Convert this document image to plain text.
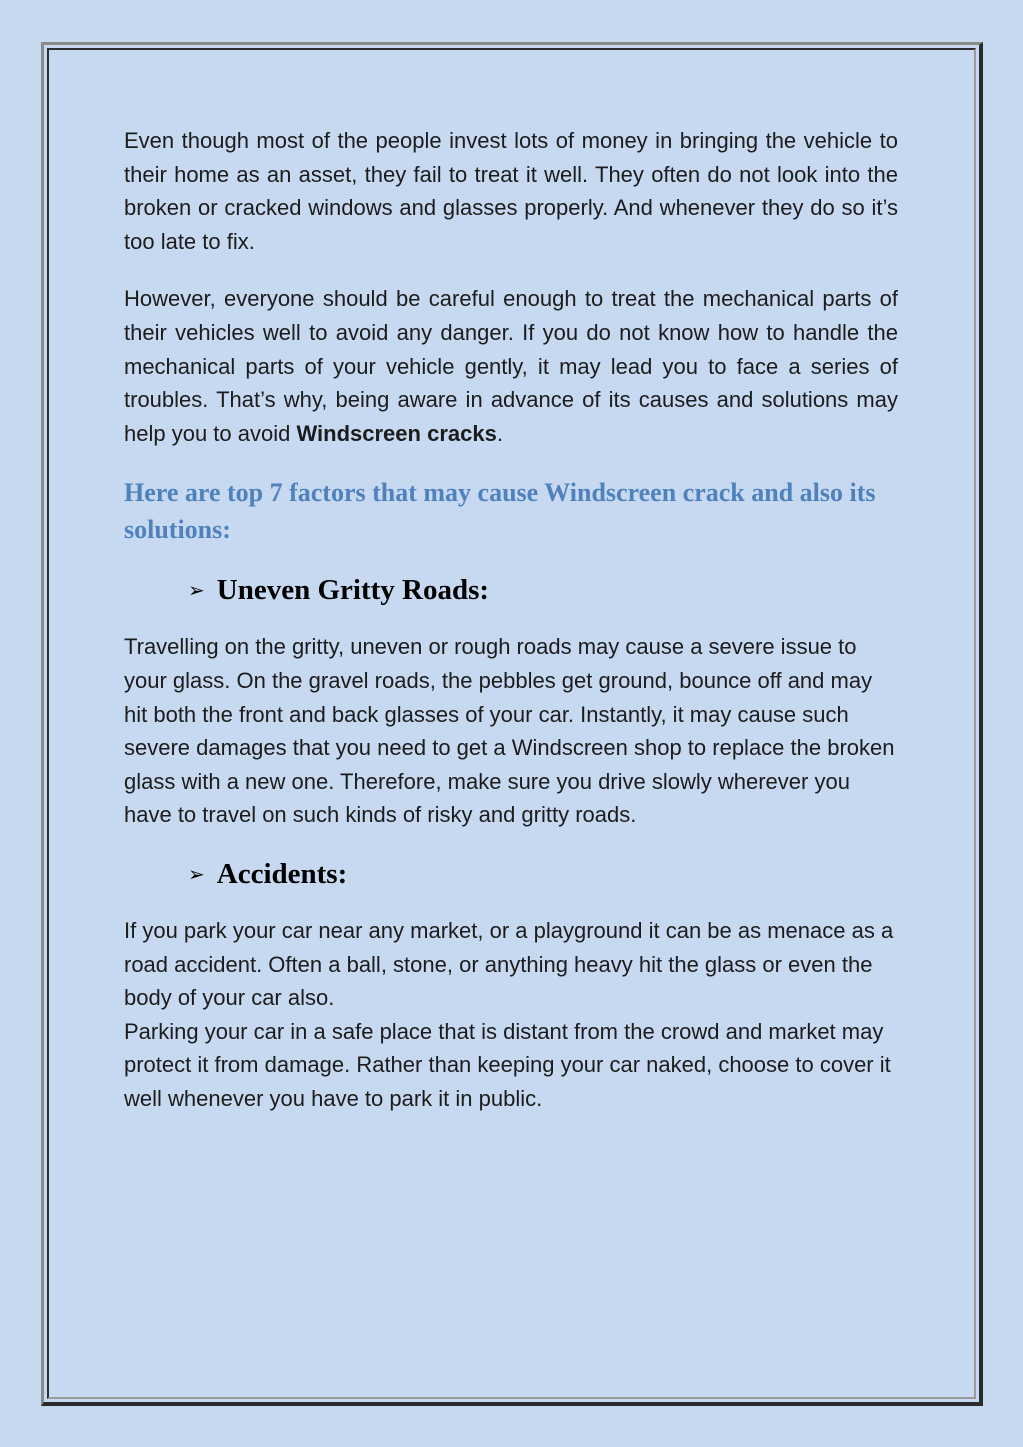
Even though most of the people invest lots of money in bringing the vehicle to their home as an asset, they fail to treat it well. They often do not look into the broken or cracked windows and glasses properly. And whenever they do so it’s too late to fix.

However, everyone should be careful enough to treat the mechanical parts of their vehicles well to avoid any danger. If you do not know how to handle the mechanical parts of your vehicle gently, it may lead you to face a series of troubles. That’s why, being aware in advance of its causes and solutions may help you to avoid Windscreen cracks.

Here are top 7 factors that may cause Windscreen crack and also its solutions:
➢ Uneven Gritty Roads:

Travelling on the gritty, uneven or rough roads may cause a severe issue to your glass. On the gravel roads, the pebbles get ground, bounce off and may hit both the front and back glasses of your car. Instantly, it may cause such severe damages that you need to get a Windscreen shop to replace the broken glass with a new one. Therefore, make sure you drive slowly wherever you have to travel on such kinds of risky and gritty roads.

➢ Accidents:

If you park your car near any market, or a playground it can be as menace as a road accident. Often a ball, stone, or anything heavy hit the glass or even the body of your car also.

Parking your car in a safe place that is distant from the crowd and market may protect it from damage. Rather than keeping your car naked, choose to cover it well whenever you have to park it in public.
